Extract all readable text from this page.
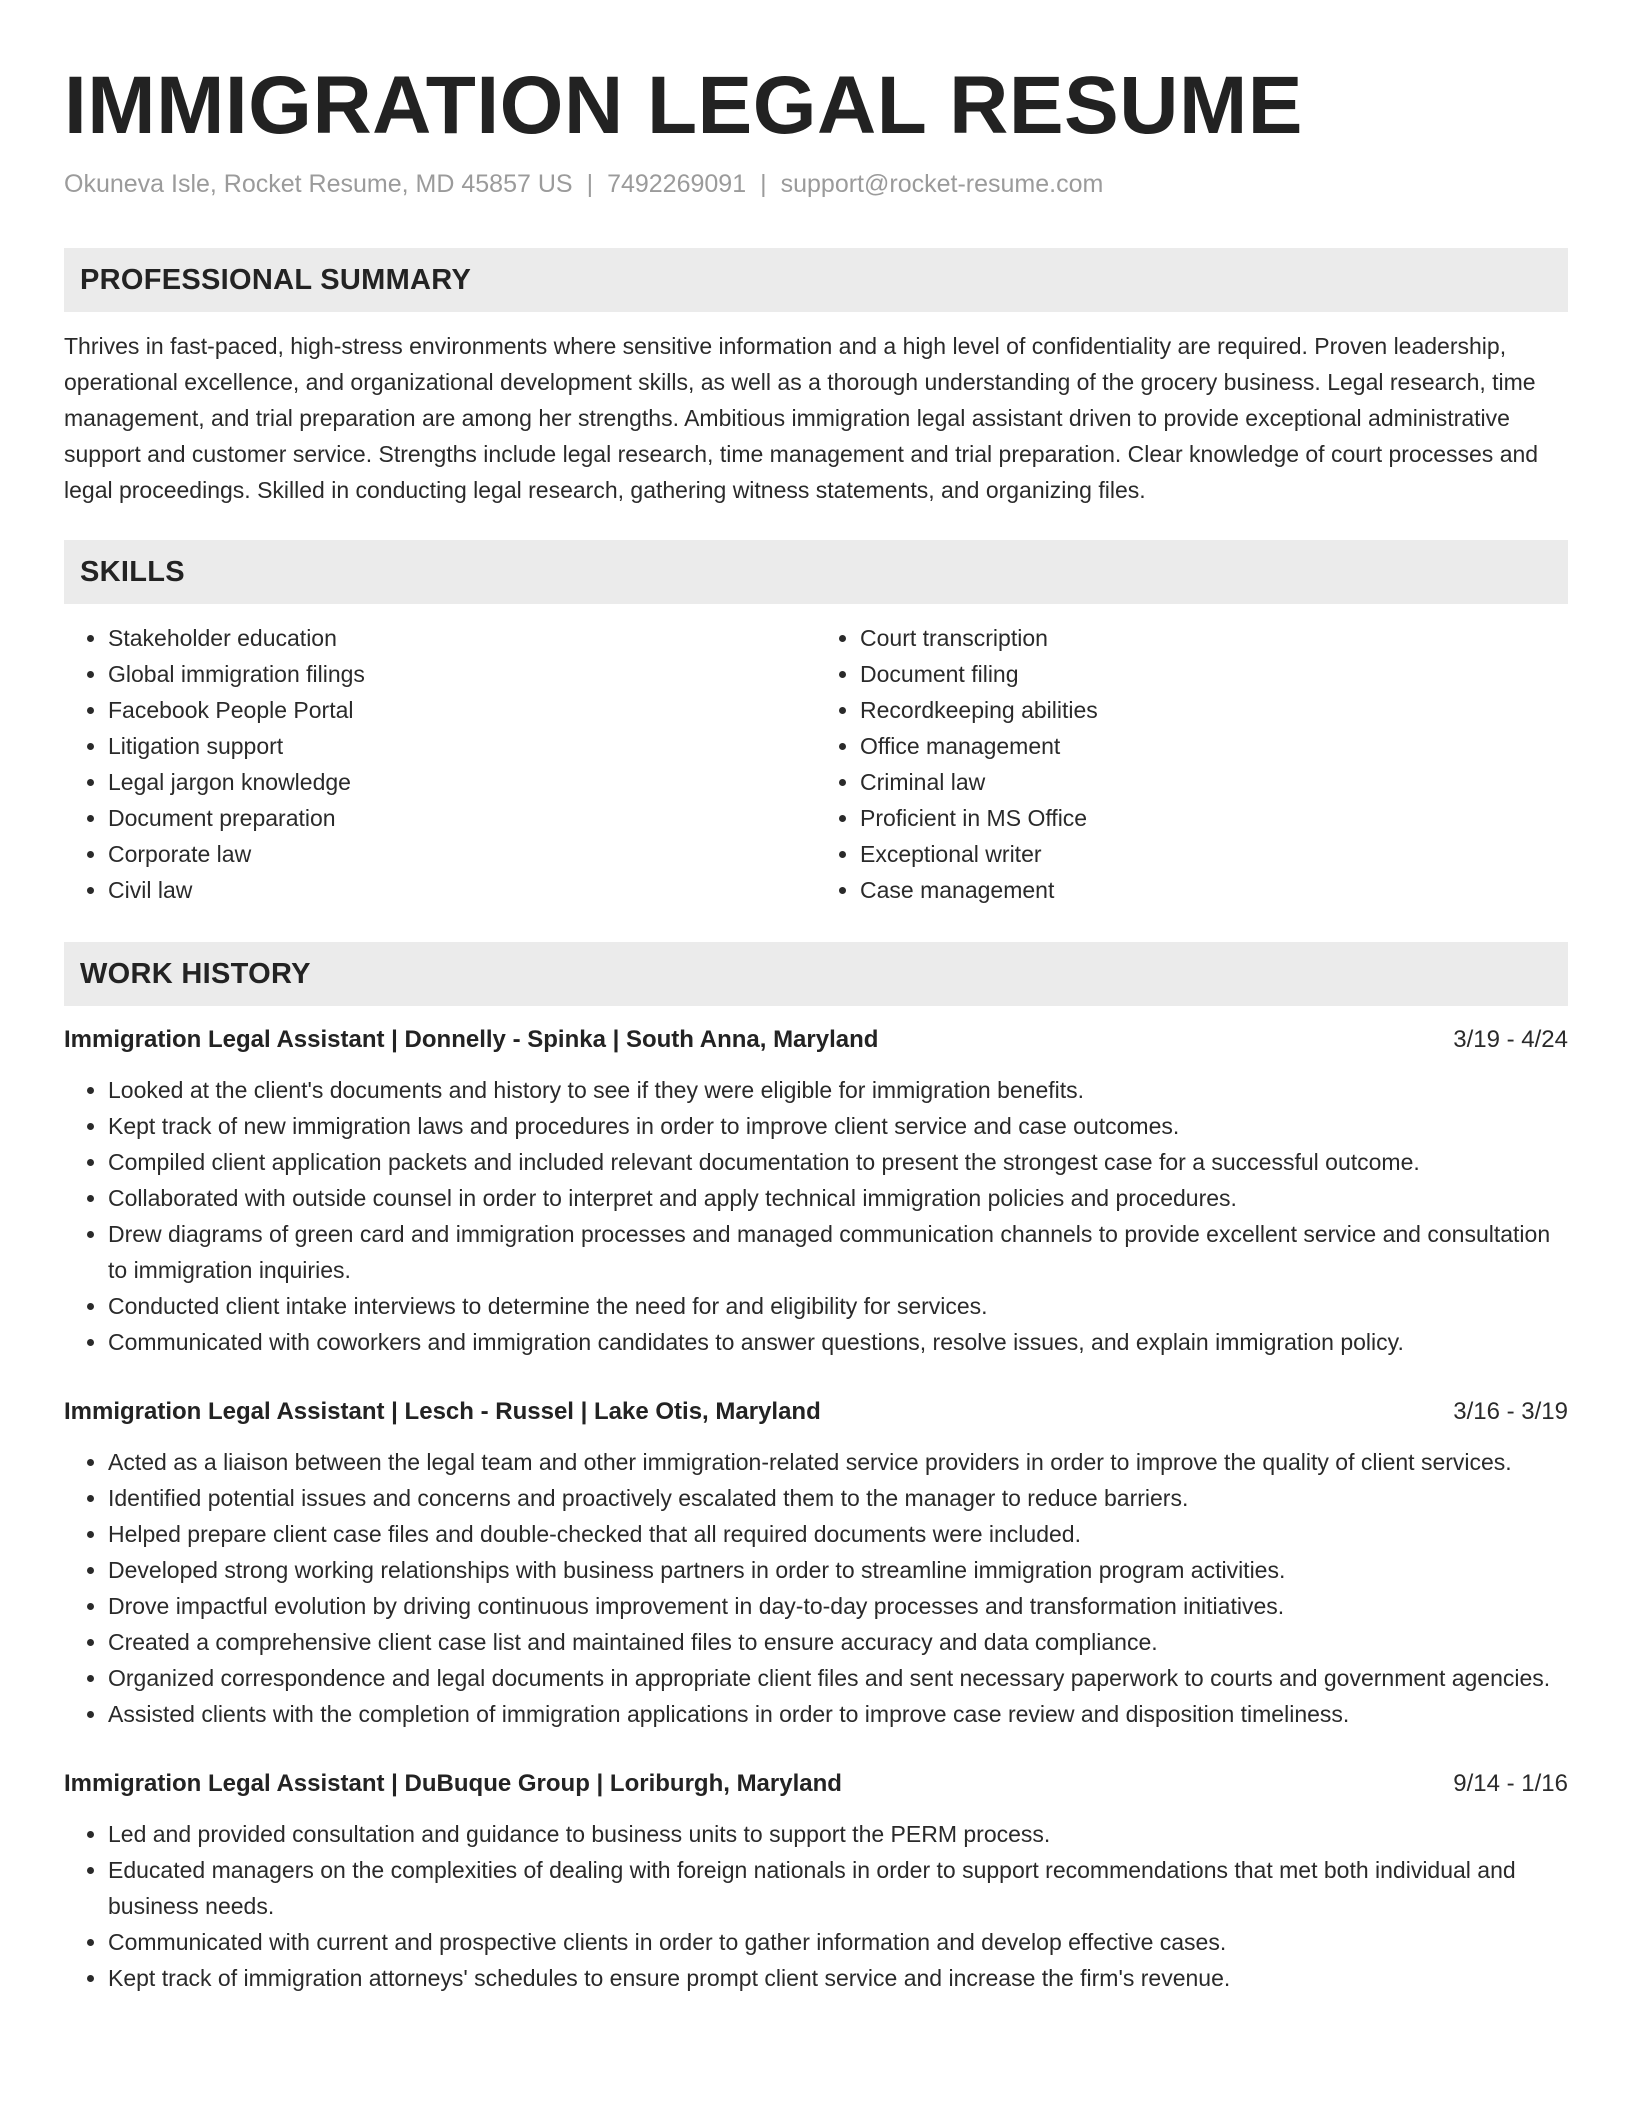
IMMIGRATION LEGAL RESUME
Okuneva Isle, Rocket Resume, MD 45857 US | 7492269091 | support@rocket-resume.com
PROFESSIONAL SUMMARY
Thrives in fast-paced, high-stress environments where sensitive information and a high level of confidentiality are required. Proven leadership, operational excellence, and organizational development skills, as well as a thorough understanding of the grocery business. Legal research, time management, and trial preparation are among her strengths. Ambitious immigration legal assistant driven to provide exceptional administrative support and customer service. Strengths include legal research, time management and trial preparation. Clear knowledge of court processes and legal proceedings. Skilled in conducting legal research, gathering witness statements, and organizing files.
SKILLS
• Stakeholder education
• Global immigration filings
• Facebook People Portal
• Litigation support
• Legal jargon knowledge
• Document preparation
• Corporate law
• Civil law
• Court transcription
• Document filing
• Recordkeeping abilities
• Office management
• Criminal law
• Proficient in MS Office
• Exceptional writer
• Case management
WORK HISTORY
Immigration Legal Assistant | Donnelly - Spinka | South Anna, Maryland	3/19 - 4/24
• Looked at the client's documents and history to see if they were eligible for immigration benefits.
• Kept track of new immigration laws and procedures in order to improve client service and case outcomes.
• Compiled client application packets and included relevant documentation to present the strongest case for a successful outcome.
• Collaborated with outside counsel in order to interpret and apply technical immigration policies and procedures.
• Drew diagrams of green card and immigration processes and managed communication channels to provide excellent service and consultation to immigration inquiries.
• Conducted client intake interviews to determine the need for and eligibility for services.
• Communicated with coworkers and immigration candidates to answer questions, resolve issues, and explain immigration policy.
Immigration Legal Assistant | Lesch - Russel | Lake Otis, Maryland	3/16 - 3/19
• Acted as a liaison between the legal team and other immigration-related service providers in order to improve the quality of client services.
• Identified potential issues and concerns and proactively escalated them to the manager to reduce barriers.
• Helped prepare client case files and double-checked that all required documents were included.
• Developed strong working relationships with business partners in order to streamline immigration program activities.
• Drove impactful evolution by driving continuous improvement in day-to-day processes and transformation initiatives.
• Created a comprehensive client case list and maintained files to ensure accuracy and data compliance.
• Organized correspondence and legal documents in appropriate client files and sent necessary paperwork to courts and government agencies.
• Assisted clients with the completion of immigration applications in order to improve case review and disposition timeliness.
Immigration Legal Assistant | DuBuque Group | Loriburgh, Maryland	9/14 - 1/16
• Led and provided consultation and guidance to business units to support the PERM process.
• Educated managers on the complexities of dealing with foreign nationals in order to support recommendations that met both individual and business needs.
• Communicated with current and prospective clients in order to gather information and develop effective cases.
• Kept track of immigration attorneys' schedules to ensure prompt client service and increase the firm's revenue.
